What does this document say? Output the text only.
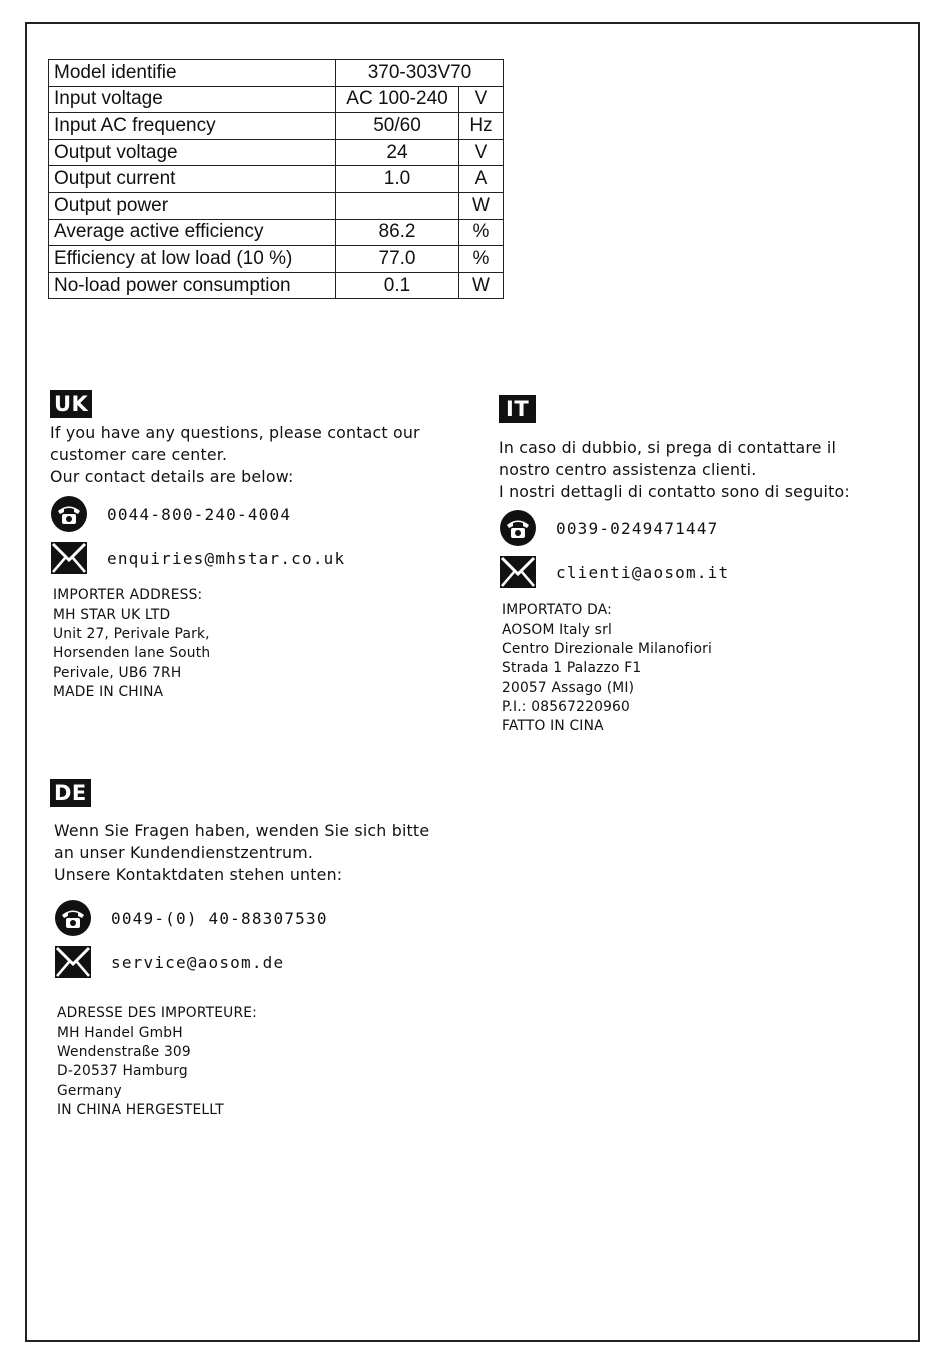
Model identifie	370-303V70	
Input voltage	AC 100-240	V
Input AC frequency	50/60	Hz
Output voltage	24	V
Output current	1.0	A
Output power		W
Average active efficiency	86.2	%
Efficiency at low load (10 %)	77.0	%
No-load power consumption	0.1	W
UK
If you have any questions, please contact our
customer care center.
Our contact details are below:
0044-800-240-4004
enquiries@mhstar.co.uk
IMPORTER ADDRESS:
MH STAR UK LTD
Unit 27, Perivale Park,
Horsenden lane South
Perivale, UB6 7RH
MADE IN CHINA
IT
In caso di dubbio, si prega di contattare il
nostro centro assistenza clienti.
I nostri dettagli di contatto sono di seguito:
0039-0249471447
clienti@aosom.it
IMPORTATO DA:
AOSOM Italy srl
Centro Direzionale Milanofiori
Strada 1 Palazzo F1
20057 Assago (MI)
P.I.: 08567220960
FATTO IN CINA
DE
Wenn Sie Fragen haben, wenden Sie sich bitte
an unser Kundendienstzentrum.
Unsere Kontaktdaten stehen unten:
0049-(0) 40-88307530
service@aosom.de
ADRESSE DES IMPORTEURE:
MH Handel GmbH
Wendenstraße 309
D-20537 Hamburg
Germany
IN CHINA HERGESTELLT
